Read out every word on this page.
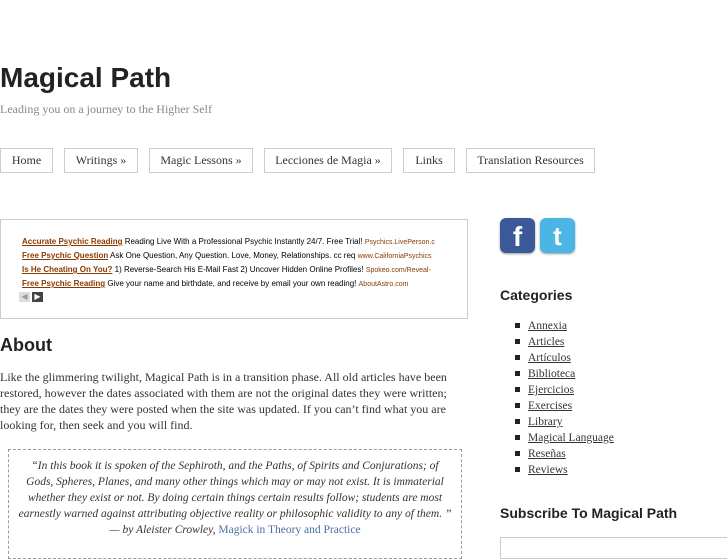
Magical Path
Leading you on a journey to the Higher Self
Home	Writings »	Magic Lessons »	Lecciones de Magia »	Links	Translation Resources
Accurate Psychic Reading Reading Live With a Professional Psychic Instantly 24/7. Free Trial! Psychics.LivePerson.c
Free Psychic Question Ask One Question, Any Question. Love, Money, Relationships. cc req www.CaliforniaPsychics
Is He Cheating On You? 1) Reverse-Search His E-Mail Fast 2) Uncover Hidden Online Profiles! Spokeo.com/Reveal-
Free Psychic Reading Give your name and birthdate, and receive by email your own reading! AboutAstro.com
◀ ▶
About
Like the glimmering twilight, Magical Path is in a transition phase. All old articles have been restored, however the dates associated with them are not the original dates they were written; they are the dates they were posted when the site was updated. If you can’t find what you are looking for, then seek and you will find.
“In this book it is spoken of the Sephiroth, and the Paths, of Spirits and Conjurations; of Gods, Spheres, Planes, and many other things which may or may not exist. It is immaterial whether they exist or not. By doing certain things certain results follow; students are most earnestly warned against attributing objective reality or philosophic validity to any of them. ”
— by Aleister Crowley, Magick in Theory and Practice
f	t
Categories
Annexia
Articles
Artículos
Biblioteca
Ejercicios
Exercises
Library
Magical Language
Reseñas
Reviews
Subscribe To Magical Path
